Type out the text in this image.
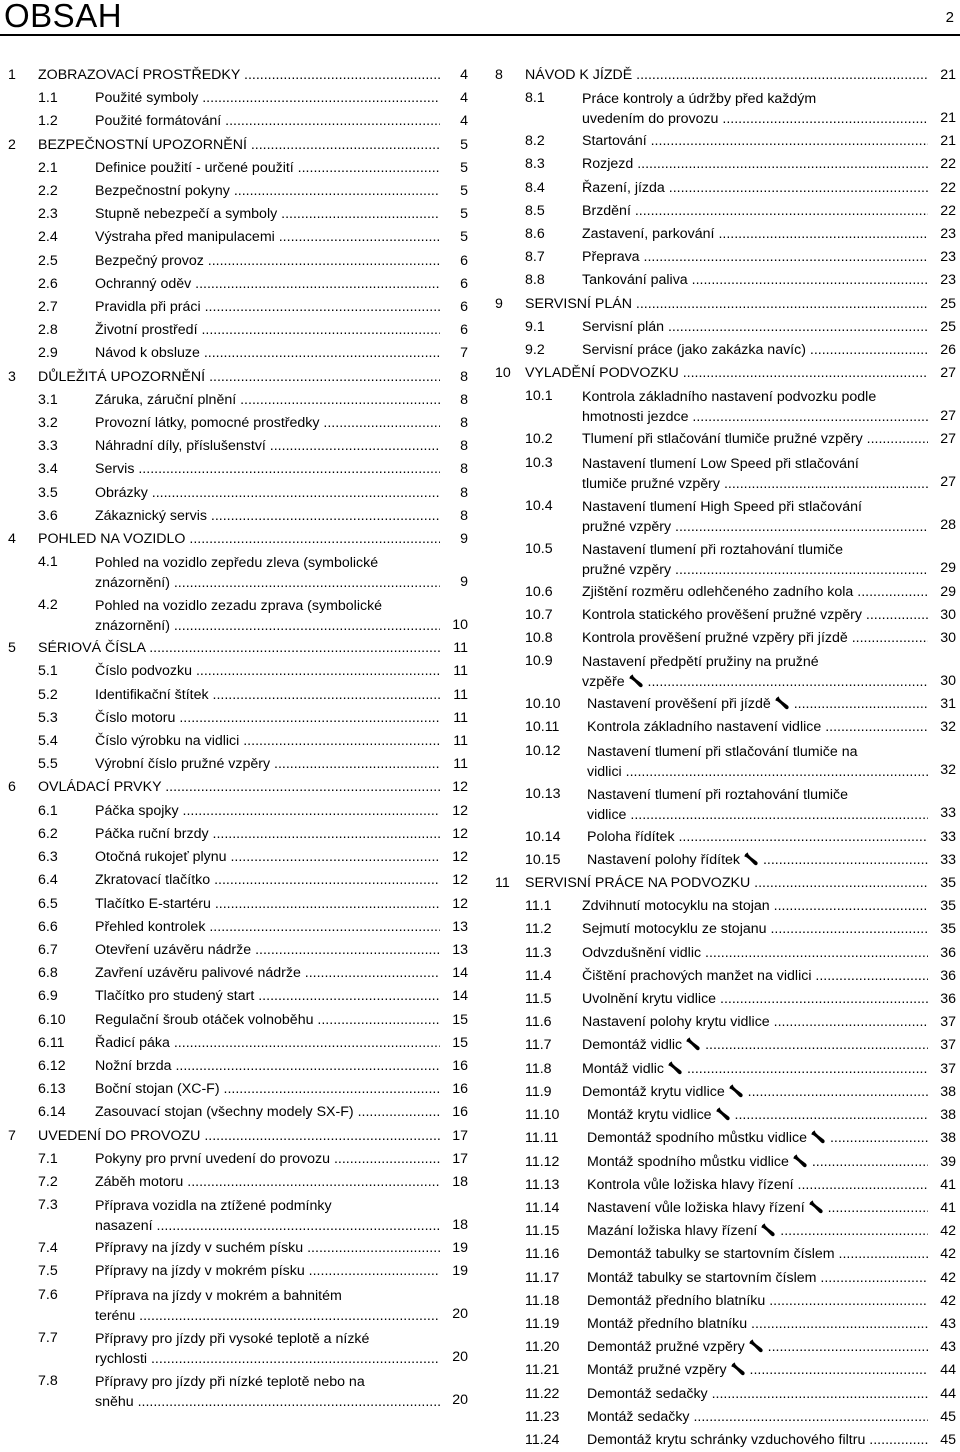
OBSAH	2
1 ZOBRAZOVACÍ PROSTŘEDKY .....	4
1.1	Použité symboly .....	4
1.2	Použité formátování .....	4
2 BEZPEČNOSTNÍ UPOZORNĚNÍ .....	5
2.1	Definice použití - určené použití .....	5
2.2	Bezpečnostní pokyny .....	5
2.3	Stupně nebezpečí a symboly .....	5
2.4	Výstraha před manipulacemi .....	5
2.5	Bezpečný provoz .....	6
2.6	Ochranný oděv .....	6
2.7	Pravidla při práci .....	6
2.8	Životní prostředí .....	6
2.9	Návod k obsluze .....	7
3 DŮLEŽITÁ UPOZORNĚNÍ .....	8
3.1	Záruka, záruční plnění .....	8
3.2	Provozní látky, pomocné prostředky .....	8
3.3	Náhradní díly, příslušenství .....	8
3.4	Servis .....	8
3.5	Obrázky .....	8
3.6	Zákaznický servis .....	8
4 POHLED NA VOZIDLO .....	9
4.1	Pohled na vozidlo zepředu zleva (symbolické
znázornění) .....	9
4.2	Pohled na vozidlo zezadu zprava (symbolické
znázornění) .....	10
5 SÉRIOVÁ ČÍSLA .....	11
5.1	Číslo podvozku .....	11
5.2	Identifikační štítek .....	11
5.3	Číslo motoru .....	11
5.4	Číslo výrobku na vidlici .....	11
5.5	Výrobní číslo pružné vzpěry .....	11
6 OVLÁDACÍ PRVKY .....	12
6.1	Páčka spojky .....	12
6.2	Páčka ruční brzdy .....	12
6.3	Otočná rukojeť plynu .....	12
6.4	Zkratovací tlačítko .....	12
6.5	Tlačítko E-startéru .....	12
6.6	Přehled kontrolek .....	13
6.7	Otevření uzávěru nádrže .....	13
6.8	Zavření uzávěru palivové nádrže .....	14
6.9	Tlačítko pro studený start .....	14
6.10 Regulační šroub otáček volnoběhu .....	15
6.11 Řadicí páka .....	15
6.12 Nožní brzda .....	16
6.13 Boční stojan (XC-F) .....	16
6.14 Zasouvací stojan (všechny modely SX-F) .....	16
7 UVEDENÍ DO PROVOZU .....	17
7.1	Pokyny pro první uvedení do provozu .....	17
7.2	Záběh motoru .....	18
7.3	Příprava vozidla na ztížené podmínky
nasazení .....	18
7.4	Přípravy na jízdy v suchém písku .....	19
7.5	Přípravy na jízdy v mokrém písku .....	19
7.6	Příprava na jízdy v mokrém a bahnitém
terénu .....	20
7.7	Přípravy pro jízdy při vysoké teplotě a nízké
rychlosti .....	20
7.8	Přípravy pro jízdy při nízké teplotě nebo na
sněhu .....	20
8 NÁVOD K JÍZDĚ .....	21
8.1	Práce kontroly a údržby před každým
uvedením do provozu .....	21
8.2	Startování .....	21
8.3	Rozjezd .....	22
8.4	Řazení, jízda .....	22
8.5	Brzdění .....	22
8.6	Zastavení, parkování .....	23
8.7	Přeprava .....	23
8.8	Tankování paliva .....	23
9 SERVISNÍ PLÁN .....	25
9.1	Servisní plán .....	25
9.2	Servisní práce (jako zakázka navíc) .....	26
10 VYLADĚNÍ PODVOZKU .....	27
10.1 Kontrola základního nastavení podvozku podle
hmotnosti jezdce .....	27
10.2 Tlumení při stlačování tlumiče pružné vzpěry .....	27
10.3 Nastavení tlumení Low Speed při stlačování
tlumiče pružné vzpěry .....	27
10.4 Nastavení tlumení High Speed při stlačování
pružné vzpěry .....	28
10.5 Nastavení tlumení při roztahování tlumiče
pružné vzpěry .....	29
10.6 Zjištění rozměru odlehčeného zadního kola .....	29
10.7 Kontrola statického prověšení pružné vzpěry .....	30
10.8 Kontrola prověšení pružné vzpěry při jízdě .....	30
10.9 Nastavení předpětí pružiny na pružné
vzpěře .....	30
10.10 Nastavení prověšení při jízdě .....	31
10.11 Kontrola základního nastavení vidlice .....	32
10.12 Nastavení tlumení při stlačování tlumiče na
vidlici .....	32
10.13 Nastavení tlumení při roztahování tlumiče
vidlice .....	33
10.14 Poloha řídítek .....	33
10.15 Nastavení polohy řídítek .....	33
11 SERVISNÍ PRÁCE NA PODVOZKU .....	35
11.1 Zdvihnutí motocyklu na stojan .....	35
11.2 Sejmutí motocyklu ze stojanu .....	35
11.3 Odvzdušnění vidlic .....	36
11.4 Čištění prachových manžet na vidlici .....	36
11.5 Uvolnění krytu vidlice .....	36
11.6 Nastavení polohy krytu vidlice .....	37
11.7 Demontáž vidlic .....	37
11.8 Montáž vidlic .....	37
11.9 Demontáž krytu vidlice .....	38
11.10 Montáž krytu vidlice .....	38
11.11 Demontáž spodního můstku vidlice .....	38
11.12 Montáž spodního můstku vidlice .....	39
11.13 Kontrola vůle ložiska hlavy řízení .....	41
11.14 Nastavení vůle ložiska hlavy řízení .....	41
11.15 Mazání ložiska hlavy řízení .....	42
11.16 Demontáž tabulky se startovním číslem .....	42
11.17 Montáž tabulky se startovním číslem .....	42
11.18 Demontáž předního blatníku .....	42
11.19 Montáž předního blatníku .....	43
11.20 Demontáž pružné vzpěry .....	43
11.21 Montáž pružné vzpěry .....	44
11.22 Demontáž sedačky .....	44
11.23 Montáž sedačky .....	45
11.24 Demontáž krytu schránky vzduchového filtru .....	45
